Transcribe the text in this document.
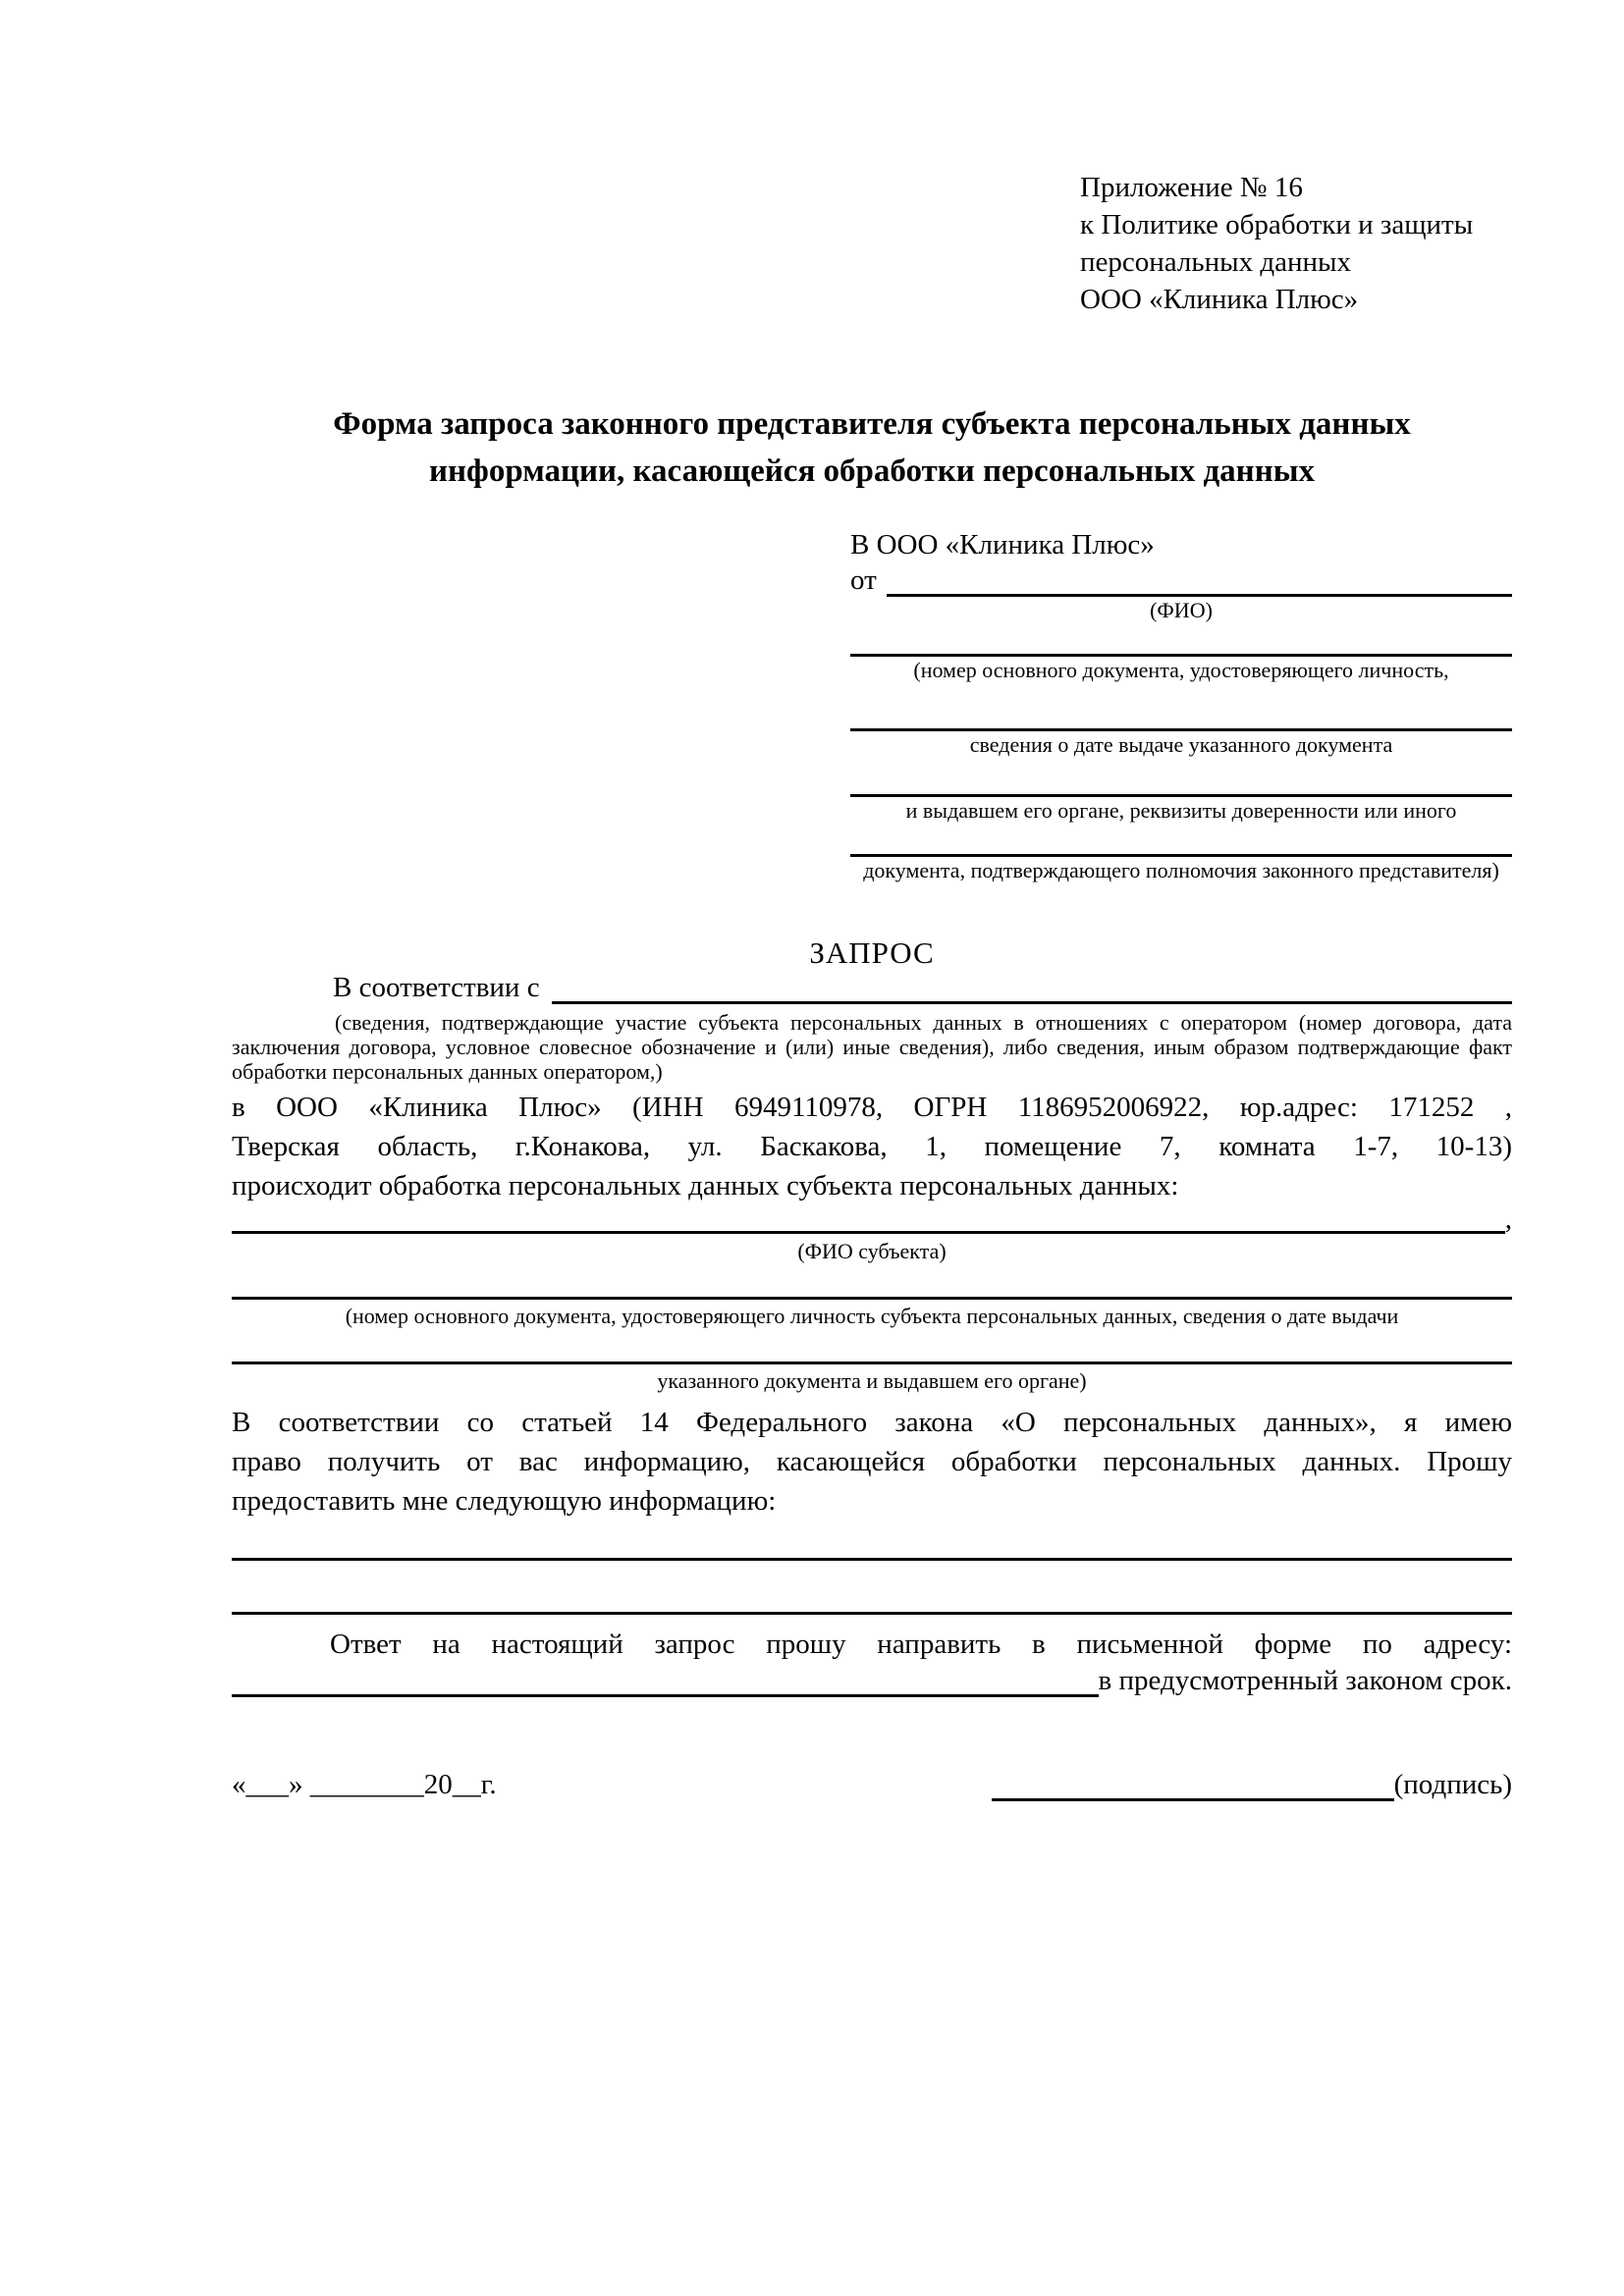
Приложение № 16
к Политике обработки и защиты
персональных данных
ООО «Клиника Плюс»
Форма запроса законного представителя субъекта персональных данных
информации, касающейся обработки персональных данных
В ООО «Клиника Плюс»
от
(ФИО)
(номер основного документа, удостоверяющего личность,
сведения о дате выдаче указанного документа
и выдавшем его органе, реквизиты доверенности или иного
документа, подтверждающего полномочия законного представителя)
ЗАПРОС
В соответствии с
(сведения, подтверждающие участие субъекта персональных данных в отношениях с оператором (номер договора, дата
заключения договора, условное словесное обозначение и (или) иные сведения), либо сведения, иным образом подтверждающие факт
обработки персональных данных оператором,)
в ООО «Клиника Плюс» (ИНН 6949110978, ОГРН 1186952006922, юр.адрес: 171252 ,
Тверская область, г.Конакова, ул. Баскакова, 1, помещение 7, комната 1-7, 10-13)
происходит обработка персональных данных субъекта персональных данных:
,
(ФИО субъекта)
(номер основного документа, удостоверяющего личность субъекта персональных данных, сведения о дате выдачи
указанного документа и выдавшем его органе)
В соответствии со статьей 14 Федерального закона «О персональных данных», я имею
право получить от вас информацию, касающейся обработки персональных данных. Прошу
предоставить мне следующую информацию:
Ответ на настоящий запрос прошу направить в письменной форме по адресу:
в предусмотренный законом срок.
«___» ________20__г.	(подпись)
